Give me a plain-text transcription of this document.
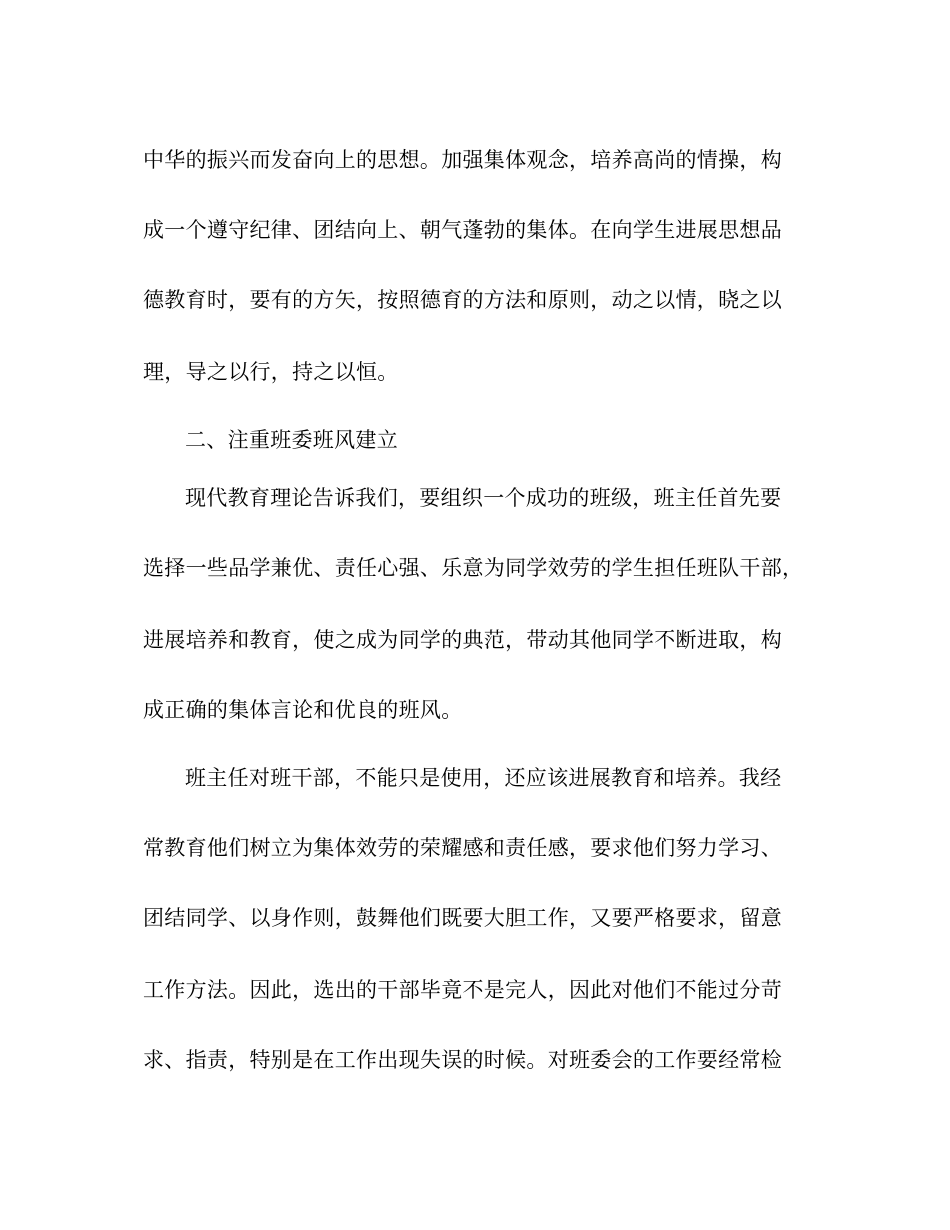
中华的振兴而发奋向上的思想。加强集体观念，培养高尚的情操，构
成一个遵守纪律、团结向上、朝气蓬勃的集体。在向学生进展思想品
德教育时，要有的方矢，按照德育的方法和原则，动之以情，晓之以
理，导之以行，持之以恒。
二、注重班委班风建立
现代教育理论告诉我们，要组织一个成功的班级，班主任首先要
选择一些品学兼优、责任心强、乐意为同学效劳的学生担任班队干部，
进展培养和教育，使之成为同学的典范，带动其他同学不断进取，构
成正确的集体言论和优良的班风。
班主任对班干部，不能只是使用，还应该进展教育和培养。我经
常教育他们树立为集体效劳的荣耀感和责任感，要求他们努力学习、
团结同学、以身作则，鼓舞他们既要大胆工作，又要严格要求，留意
工作方法。因此，选出的干部毕竟不是完人，因此对他们不能过分苛
求、指责，特别是在工作出现失误的时候。对班委会的工作要经常检
